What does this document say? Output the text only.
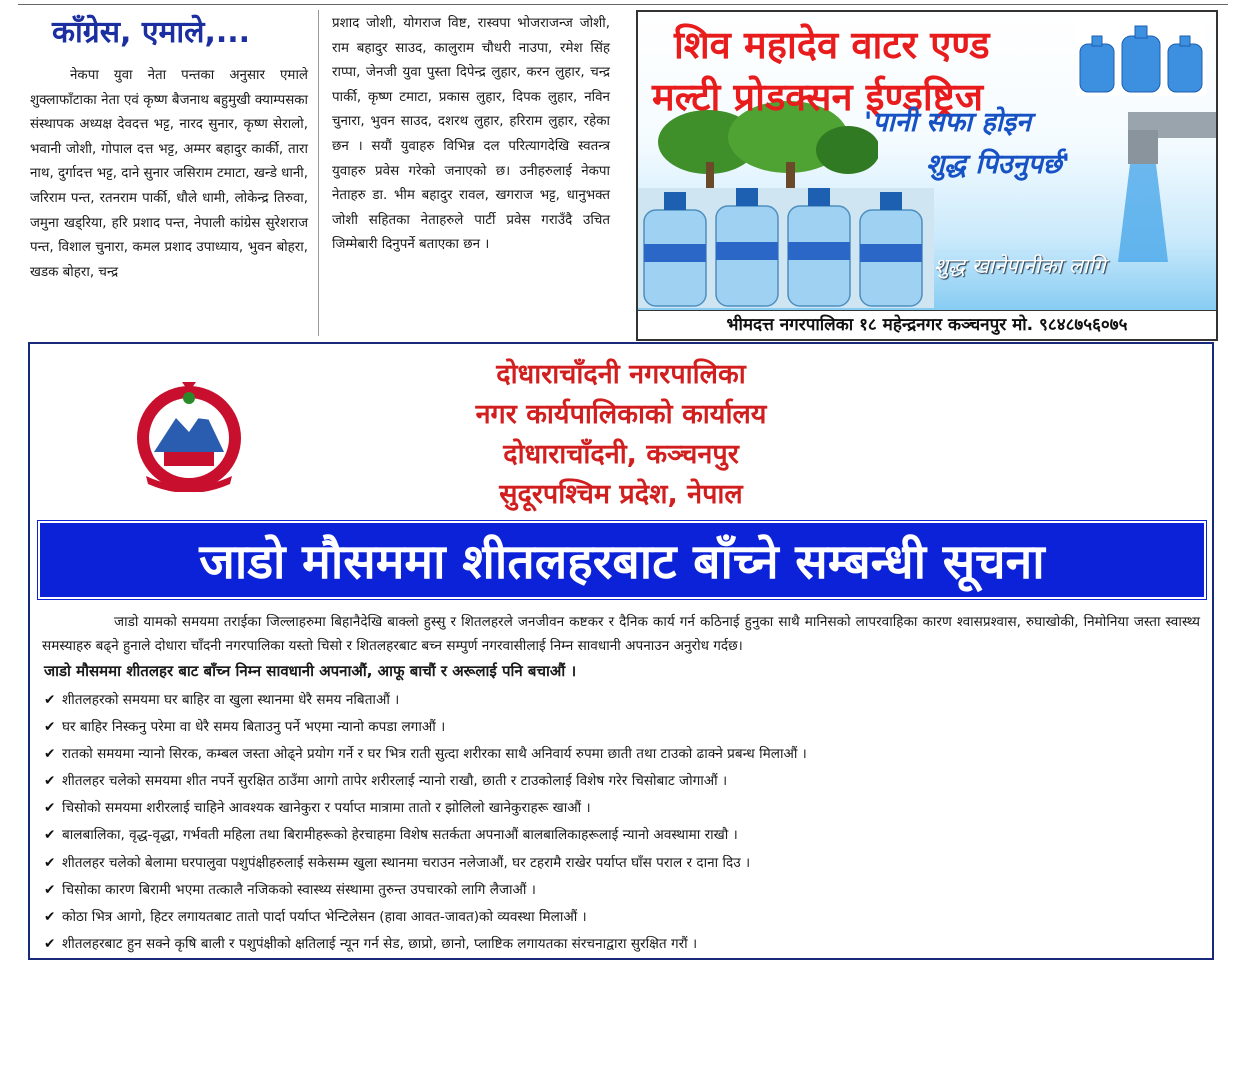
कॉंग्रेस, एमाले,...

नेकपा युवा नेता पन्तका अनुसार एमाले शुक्लाफाँटाका नेता एवं कृष्ण बैजनाथ बहुमुखी क्याम्पसका संस्थापक अध्यक्ष देवदत्त भट्ट, नारद सुनार, कृष्ण सेरालो, भवानी जोशी, गोपाल दत्त भट्ट, अम्मर बहादुर कार्की, तारा नाथ, दुर्गादत्त भट्ट, दाने सुनार जसिराम टमाटा, खन्डे धानी, जरिराम पन्त, रतनराम पार्की, धौले धामी, लोकेन्द्र तिरुवा, जमुना खड्‌रिया, हरि प्रशाद पन्त, नेपाली कांग्रेस सुरेशराज पन्त, विशाल चुनारा, कमल प्रशाद उपाध्याय, भुवन बोहरा, खडक बोहरा, चन्द्र

प्रशाद जोशी, योगराज विष्ट, रास्वपा भोजराजन्ज जोशी, राम बहादुर साउद, कालुराम चौधरी नाउपा, रमेश सिंह राप्पा, जेनजी युवा पुस्ता दिपेन्द्र लुहार, करन लुहार, चन्द्र पार्की, कृष्ण टमाटा, प्रकास लुहार, दिपक लुहार, नविन चुनारा, भुवन साउद, दशरथ लुहार, हरिराम लुहार, रहेका छन । सयौं युवाहरु विभिन्न दल परित्यागदेखि स्वतन्त्र युवाहरु प्रवेस गरेको जनाएको छ। उनीहरुलाई नेकपा नेताहरु डा. भीम बहादुर रावल, खगराज भट्ट, धानुभक्त जोशी सहितका नेताहरुले पार्टी प्रवेस गराउँदै उचित जिम्मेबारी दिनुपर्ने बताएका छन ।

शिव महादेव वाटर एण्ड
मल्टी प्रोडक्सन ईण्डष्ट्रिज
'पानी सफा होइन
शुद्ध पिउनुपर्छ'
शुद्ध खानेपानीका लागि
भीमदत्त नगरपालिका १८ महेन्द्रनगर कञ्चनपुर मो. ९८४८७५६०७५
दोधाराचाँदनी नगरपालिका
नगर कार्यपालिकाको कार्यालय
दोधाराचाँदनी, कञ्चनपुर
सुदूरपश्चिम प्रदेश, नेपाल
जाडो मौसममा शीतलहरबाट बाँच्ने सम्बन्धी सूचना

जाडो यामको समयमा तराईका जिल्लाहरुमा बिहानैदेखि बाक्लो हुस्सु र शितलहरले जनजीवन कष्टकर र दैनिक कार्य गर्न कठिनाई हुनुका साथै मानिसको लापरवाहिका कारण श्वासप्रश्वास, रुघाखोकी, निमोनिया जस्ता स्वास्थ्य समस्याहरु बढ्ने हुनाले दोधारा चाँदनी नगरपालिका यस्तो चिसो र शितलहरबाट बच्न सम्पुर्ण नगरवासीलाई निम्न सावधानी अपनाउन अनुरोध गर्दछ।

जाडो मौसममा शीतलहर बाट बाँच्न निम्न सावधानी अपनाऔं, आफू बाचौं र अरूलाई पनि बचाऔं ।
✔ शीतलहरको समयमा घर बाहिर वा खुला स्थानमा धेरै समय नबिताऔं ।
✔ घर बाहिर निस्कनु परेमा वा धेरै समय बिताउनु पर्ने भएमा न्यानो कपडा लगाऔं ।
✔ रातको समयमा न्यानो सिरक, कम्बल जस्ता ओढ्ने प्रयोग गर्ने र घर भित्र राती सुत्दा शरीरका साथै अनिवार्य रुपमा छाती तथा टाउको ढाक्ने प्रबन्ध मिलाऔं ।
✔ शीतलहर चलेको समयमा शीत नपर्ने सुरक्षित ठाउँमा आगो तापेर शरीरलाई न्यानो राखौ, छाती र टाउकोलाई विशेष गरेर चिसोबाट जोगाऔं ।
✔ चिसोको समयमा शरीरलाई चाहिने आवश्यक खानेकुरा र पर्याप्त मात्रामा तातो र झोलिलो खानेकुराहरू खाऔं ।
✔ बालबालिका, वृद्ध-वृद्धा, गर्भवती महिला तथा बिरामीहरूको हेरचाहमा विशेष सतर्कता अपनाऔं बालबालिकाहरूलाई न्यानो अवस्थामा राखौ ।
✔ शीतलहर चलेको बेलामा घरपालुवा पशुपंक्षीहरुलाई सकेसम्म खुला स्थानमा चराउन नलेजाऔं, घर टहरामै राखेर पर्याप्त घाँस पराल र दाना दिउ ।
✔ चिसोका कारण बिरामी भएमा तत्कालै नजिकको स्वास्थ्य संस्थामा तुरुन्त उपचारको लागि लैजाऔं ।
✔ कोठा भित्र आगो, हिटर लगायतबाट तातो पार्दा पर्याप्त भेन्टिलेसन (हावा आवत-जावत)को व्यवस्था मिलाऔं ।
✔ शीतलहरबाट हुन सक्ने कृषि बाली र पशुपंक्षीको क्षतिलाई न्यून गर्न सेड, छाप्रो, छानो, प्लाष्टिक लगायतका संरचनाद्वारा सुरक्षित गरौं ।
